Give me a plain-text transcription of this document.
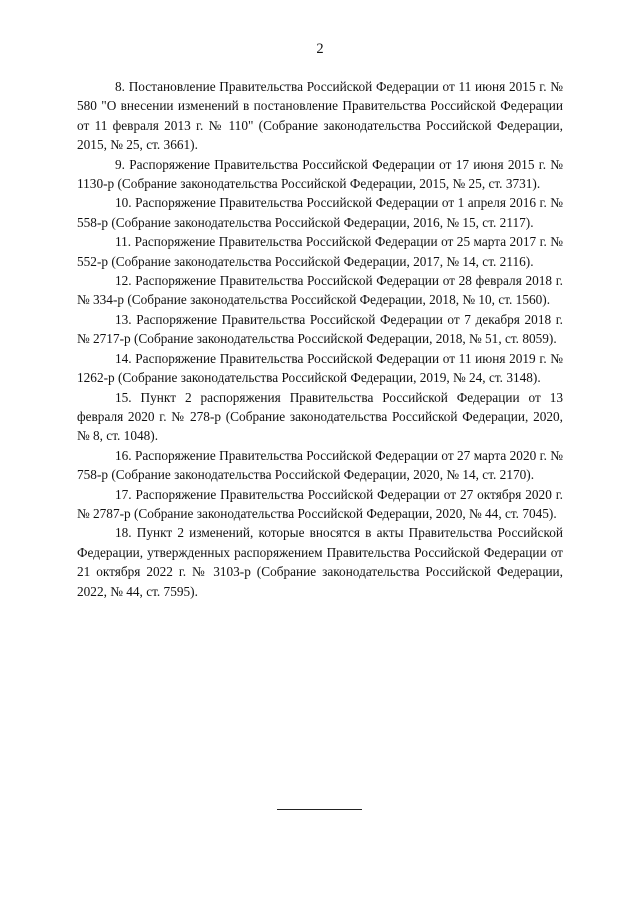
2

8. Постановление Правительства Российской Федерации от 11 июня 2015 г. № 580 "О внесении изменений в постановление Правительства Российской Федерации от 11 февраля 2013 г. № 110" (Собрание законодательства Российской Федерации, 2015, № 25, ст. 3661).

9. Распоряжение Правительства Российской Федерации от 17 июня 2015 г. № 1130-р (Собрание законодательства Российской Федерации, 2015, № 25, ст. 3731).

10. Распоряжение Правительства Российской Федерации от 1 апреля 2016 г. № 558-р (Собрание законодательства Российской Федерации, 2016, № 15, ст. 2117).

11. Распоряжение Правительства Российской Федерации от 25 марта 2017 г. № 552-р (Собрание законодательства Российской Федерации, 2017, № 14, ст. 2116).

12. Распоряжение Правительства Российской Федерации от 28 февраля 2018 г. № 334-р (Собрание законодательства Российской Федерации, 2018, № 10, ст. 1560).

13. Распоряжение Правительства Российской Федерации от 7 декабря 2018 г. № 2717-р (Собрание законодательства Российской Федерации, 2018, № 51, ст. 8059).

14. Распоряжение Правительства Российской Федерации от 11 июня 2019 г. № 1262-р (Собрание законодательства Российской Федерации, 2019, № 24, ст. 3148).

15. Пункт 2 распоряжения Правительства Российской Федерации от 13 февраля 2020 г. № 278-р (Собрание законодательства Российской Федерации, 2020, № 8, ст. 1048).

16. Распоряжение Правительства Российской Федерации от 27 марта 2020 г. № 758-р (Собрание законодательства Российской Федерации, 2020, № 14, ст. 2170).

17. Распоряжение Правительства Российской Федерации от 27 октября 2020 г. № 2787-р (Собрание законодательства Российской Федерации, 2020, № 44, ст. 7045).

18. Пункт 2 изменений, которые вносятся в акты Правительства Российской Федерации, утвержденных распоряжением Правительства Российской Федерации от 21 октября 2022 г. № 3103-р (Собрание законодательства Российской Федерации, 2022, № 44, ст. 7595).
